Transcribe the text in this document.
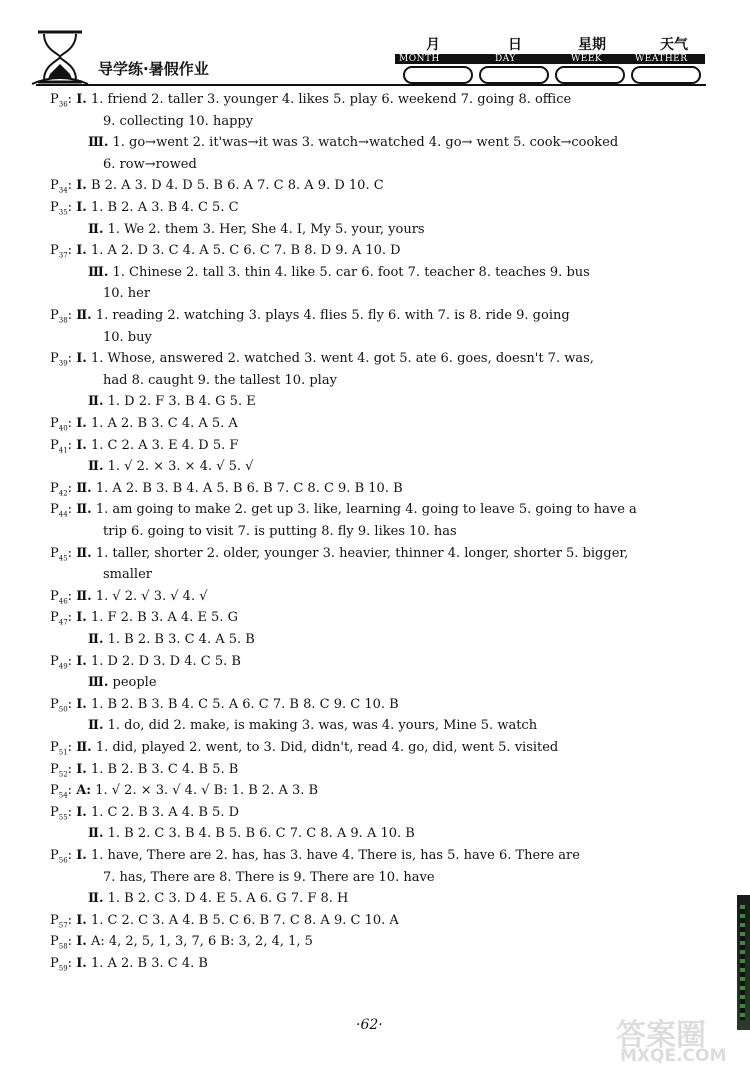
导学练·暑假作业
月	日	星期	天气
MONTH	DAY	WEEK	WEATHER
$P_{36}$: Ⅰ. 1. friend 2. taller 3. younger 4. likes 5. play 6. weekend 7. going 8. office
9. collecting 10. happy
Ⅲ. 1. go→went 2. it'was→it was 3. watch→watched 4. go→ went 5. cook→cooked
6. row→rowed
$P_{34}$: Ⅰ. B 2. A 3. D 4. D 5. B 6. A 7. C 8. A 9. D 10. C
$P_{35}$: Ⅰ. 1. B 2. A 3. B 4. C 5. C
Ⅱ. 1. We 2. them 3. Her, She 4. I, My 5. your, yours
$P_{37}$: Ⅰ. 1. A 2. D 3. C 4. A 5. C 6. C 7. B 8. D 9. A 10. D
Ⅲ. 1. Chinese 2. tall 3. thin 4. like 5. car 6. foot 7. teacher 8. teaches 9. bus
10. her
$P_{38}$: Ⅱ. 1. reading 2. watching 3. plays 4. flies 5. fly 6. with 7. is 8. ride 9. going
10. buy
$P_{39}$: Ⅰ. 1. Whose, answered 2. watched 3. went 4. got 5. ate 6. goes, doesn't 7. was,
had 8. caught 9. the tallest 10. play
Ⅱ. 1. D 2. F 3. B 4. G 5. E
$P_{40}$: Ⅰ. 1. A 2. B 3. C 4. A 5. A
$P_{41}$: Ⅰ. 1. C 2. A 3. E 4. D 5. F
Ⅱ. 1. √ 2. × 3. × 4. √ 5. √
$P_{42}$: Ⅱ. 1. A 2. B 3. B 4. A 5. B 6. B 7. C 8. C 9. B 10. B
$P_{44}$: Ⅱ. 1. am going to make 2. get up 3. like, learning 4. going to leave 5. going to have a
trip 6. going to visit 7. is putting 8. fly 9. likes 10. has
$P_{45}$: Ⅱ. 1. taller, shorter 2. older, younger 3. heavier, thinner 4. longer, shorter 5. bigger,
smaller
$P_{46}$: Ⅱ. 1. √ 2. √ 3. √ 4. √
$P_{47}$: Ⅰ. 1. F 2. B 3. A 4. E 5. G
Ⅱ. 1. B 2. B 3. C 4. A 5. B
$P_{49}$: Ⅰ. 1. D 2. D 3. D 4. C 5. B
Ⅲ. people
$P_{50}$: Ⅰ. 1. B 2. B 3. B 4. C 5. A 6. C 7. B 8. C 9. C 10. B
Ⅱ. 1. do, did 2. make, is making 3. was, was 4. yours, Mine 5. watch
$P_{51}$: Ⅱ. 1. did, played 2. went, to 3. Did, didn't, read 4. go, did, went 5. visited
$P_{52}$: Ⅰ. 1. B 2. B 3. C 4. B 5. B
$P_{54}$: A: 1. √ 2. × 3. √ 4. √ B: 1. B 2. A 3. B
$P_{55}$: Ⅰ. 1. C 2. B 3. A 4. B 5. D
Ⅱ. 1. B 2. C 3. B 4. B 5. B 6. C 7. C 8. A 9. A 10. B
$P_{56}$: Ⅰ. 1. have, There are 2. has, has 3. have 4. There is, has 5. have 6. There are
7. has, There are 8. There is 9. There are 10. have
Ⅱ. 1. B 2. C 3. D 4. E 5. A 6. G 7. F 8. H
$P_{57}$: Ⅰ. 1. C 2. C 3. A 4. B 5. C 6. B 7. C 8. A 9. C 10. A
$P_{58}$: Ⅰ. A: 4, 2, 5, 1, 3, 7, 6 B: 3, 2, 4, 1, 5
$P_{59}$: Ⅰ. 1. A 2. B 3. C 4. B
·62·	答案圈
MXQE.COM
